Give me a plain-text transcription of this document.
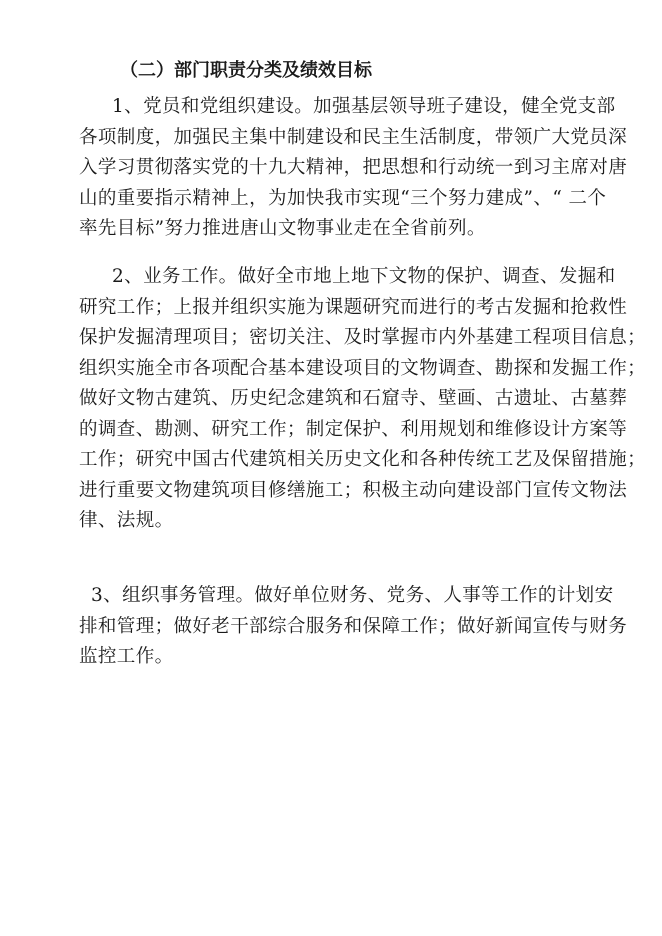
（二）部门职责分类及绩效目标
1、党员和党组织建设。加强基层领导班子建设，健全党支部
各项制度，加强民主集中制建设和民主生活制度，带领广大党员深
入学习贯彻落实党的十九大精神，把思想和行动统一到习主席对唐
山的重要指示精神上，为加快我市实现“三个努力建成”、“ 二个
率先目标”努力推进唐山文物事业走在全省前列。
2、业务工作。做好全市地上地下文物的保护、调查、发掘和
研究工作；上报并组织实施为课题研究而进行的考古发掘和抢救性
保护发掘清理项目；密切关注、及时掌握市内外基建工程项目信息；
组织实施全市各项配合基本建设项目的文物调查、勘探和发掘工作；
做好文物古建筑、历史纪念建筑和石窟寺、壁画、古遗址、古墓葬
的调查、勘测、研究工作；制定保护、利用规划和维修设计方案等
工作；研究中国古代建筑相关历史文化和各种传统工艺及保留措施；
进行重要文物建筑项目修缮施工；积极主动向建设部门宣传文物法
律、法规。
3、组织事务管理。做好单位财务、党务、人事等工作的计划安
排和管理；做好老干部综合服务和保障工作；做好新闻宣传与财务
监控工作。
